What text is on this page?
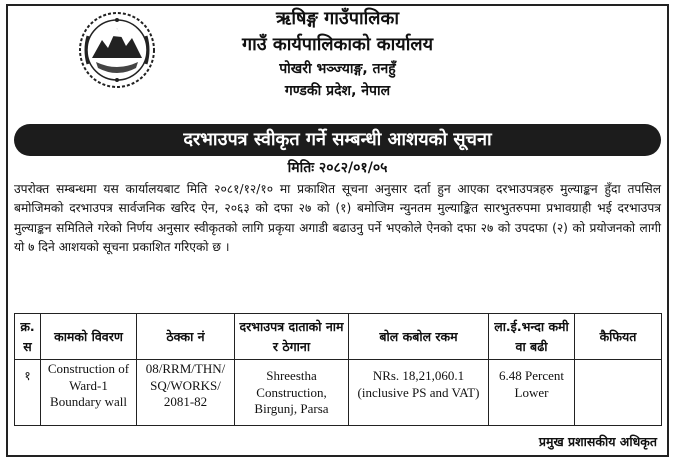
ऋषिङ्ग गाउँपालिका
गाउँ कार्यपालिकाको कार्यालय
पोखरी भञ्ज्याङ्ग, तनहुँ
गण्डकी प्रदेश, नेपाल
दरभाउपत्र स्वीकृत गर्ने सम्बन्धी आशयको सूचना
मितिः २०८२/०१/०५
उपरोक्त सम्बन्धमा यस कार्यालयबाट मिति २०८१/१२/१० मा प्रकाशित सूचना अनुसार दर्ता हुन आएका दरभाउपत्रहरु मुल्याङ्कन हुँदा तपसिल बमोजिमको दरभाउपत्र सार्वजनिक खरिद ऐन, २०६३ को दफा २७ को (१) बमोजिम न्युनतम मुल्याङ्कित सारभुतरुपमा प्रभावग्राही भई दरभाउपत्र मुल्याङ्कन समितिले गरेको निर्णय अनुसार स्वीकृतको लागि प्रकृया अगाडी बढाउनु पर्ने भएकोले ऐनको दफा २७ को उपदफा (२) को प्रयोजनको लागी यो ७ दिने आशयको सूचना प्रकाशित गरिएको छ ।
क्र. स	कामको विवरण	ठेक्का नं	दरभाउपत्र दाताको नाम र ठेगाना	बोल कबोल रकम	ला.ई.भन्दा कमी वा बढी	कैफियत
१	Construction of Ward-1 Boundary wall	08/RRM/THN/ SQ/WORKS/ 2081-82	Shreestha Construction, Birgunj, Parsa	NRs. 18,21,060.1 (inclusive PS and VAT)	6.48 Percent Lower	
प्रमुख प्रशासकीय अधिकृत
